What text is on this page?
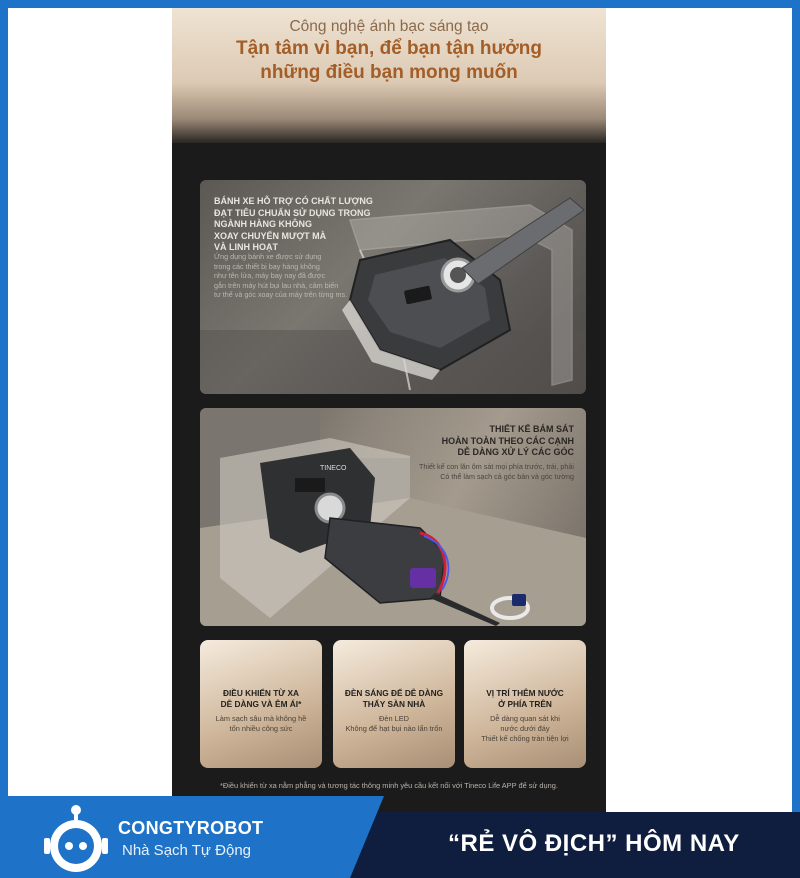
Công nghệ ánh bạc sáng tạo
Tận tâm vì bạn, để bạn tận hưởng
những điều bạn mong muốn
BÁNH XE HỖ TRỢ CÓ CHẤT LƯỢNG
ĐẠT TIÊU CHUẨN SỬ DỤNG TRONG
NGÀNH HÀNG KHÔNG
XOAY CHUYỂN MƯỢT MÀ
VÀ LINH HOẠT
Ứng dụng bánh xe được sử dụng
trong các thiết bị bay hàng không
như tên lửa, máy bay nay đã được
gắn trên máy hút bụi lau nhà, cảm biến
tư thế và góc xoay của máy trên từng ms.
TINECO
THIẾT KẾ BÁM SÁT
HOÀN TOÀN THEO CÁC CẠNH
DỄ DÀNG XỬ LÝ CÁC GÓC
Thiết kế con lăn ôm sát mọi phía trước, trái, phải
Có thể làm sạch cả góc bàn và góc tường
ĐIỀU KHIỂN TỪ XA
DỄ DÀNG VÀ ÊM ÁI*
Làm sạch sâu mà không hề
tốn nhiều công sức
ĐÈN SÁNG ĐỂ DỄ DÀNG
THẤY SÀN NHÀ
Đèn LED
Không để hạt bụi nào lẩn trốn
VỊ TRÍ THÊM NƯỚC
Ở PHÍA TRÊN
Dễ dàng quan sát khi
nước dưới đáy
Thiết kế chống tràn tiện lợi
*Điều khiển từ xa nằm phẳng và tương tác thông minh yêu cầu kết nối với Tineco Life APP để sử dụng.
CONGTYROBOT
Nhà Sạch Tự Động	“RẺ VÔ ĐỊCH” HÔM NAY
